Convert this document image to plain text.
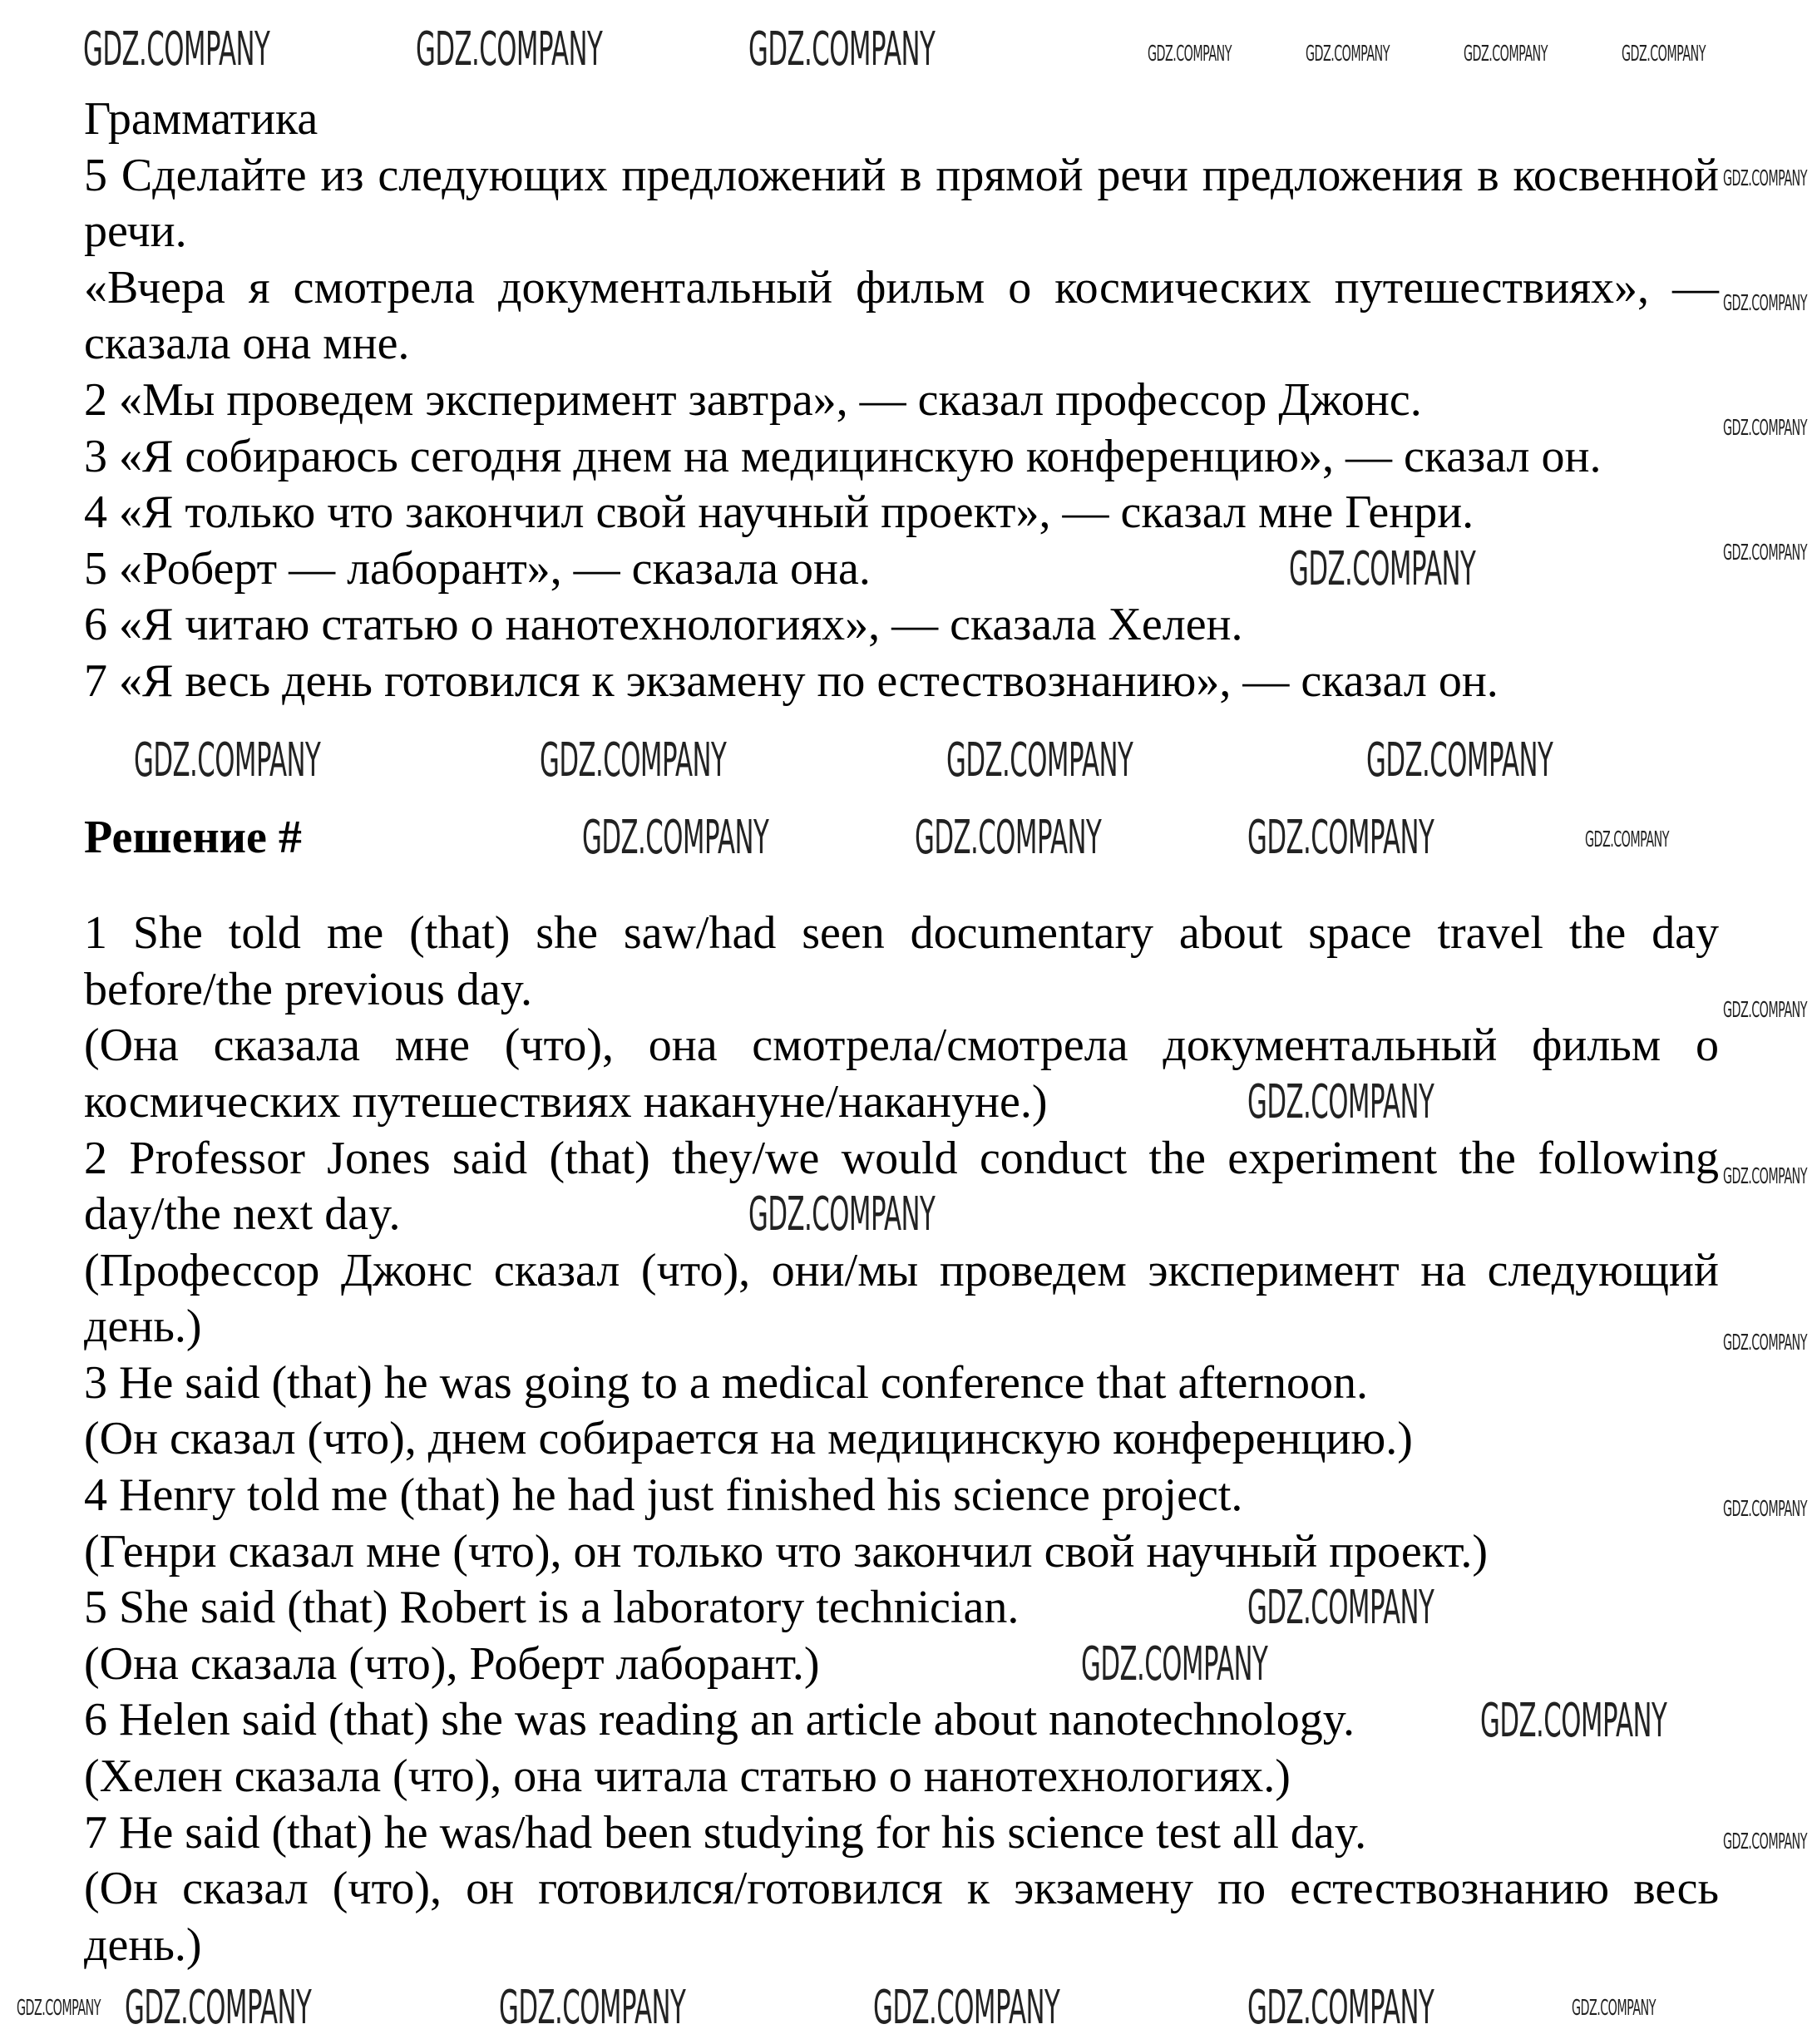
Грамматика

5 Сделайте из следующих предложений в прямой речи предложения в косвенной речи.

«Вчера я смотрела документальный фильм о космических путешествиях», — сказала она мне.

2 «Мы проведем эксперимент завтра», — сказал профессор Джонс.

3 «Я собираюсь сегодня днем на медицинскую конференцию», — сказал он.

4 «Я только что закончил свой научный проект», — сказал мне Генри.

5 «Роберт — лаборант», — сказала она.

6 «Я читаю статью о нанотехнологиях», — сказала Хелен.

7 «Я весь день готовился к экзамену по естествознанию», — сказал он.

Решение #

1 She told me (that) she saw/had seen documentary about space travel the day before/the previous day.

(Она сказала мне (что), она смотрела/смотрела документальный фильм о космических путешествиях накануне/накануне.)

2 Professor Jones said (that) they/we would conduct the experiment the following day/the next day.

(Профессор Джонс сказал (что), они/мы проведем эксперимент на следующий день.)

3 He said (that) he was going to a medical conference that afternoon.

(Он сказал (что), днем собирается на медицинскую конференцию.)

4 Henry told me (that) he had just finished his science project.

(Генри сказал мне (что), он только что закончил свой научный проект.)

5 She said (that) Robert is a laboratory technician.

(Она сказала (что), Роберт лаборант.)

6 Helen said (that) she was reading an article about nanotechnology.

(Хелен сказала (что), она читала статью о нанотехнологиях.)

7 He said (that) he was/had been studying for his science test all day.

(Он сказал (что), он готовился/готовился к экзамену по естествознанию весь день.)

GDZ.COMPANY	GDZ.COMPANY	GDZ.COMPANY	GDZ.COMPANY	GDZ.COMPANY	GDZ.COMPANY	GDZ.COMPANY
GDZ.COMPANY
GDZ.COMPANY	GDZ.COMPANY	GDZ.COMPANY	GDZ.COMPANY
GDZ.COMPANY	GDZ.COMPANY	GDZ.COMPANY	GDZ.COMPANY
GDZ.COMPANY
GDZ.COMPANY
GDZ.COMPANY
GDZ.COMPANY
GDZ.COMPANY
GDZ.COMPANY
GDZ.COMPANY
GDZ.COMPANY
GDZ.COMPANY
GDZ.COMPANY
GDZ.COMPANY
GDZ.COMPANY
GDZ.COMPANY
GDZ.COMPANY
GDZ.COMPANY	GDZ.COMPANY	GDZ.COMPANY	GDZ.COMPANY
GDZ.COMPANY	GDZ.COMPANY
